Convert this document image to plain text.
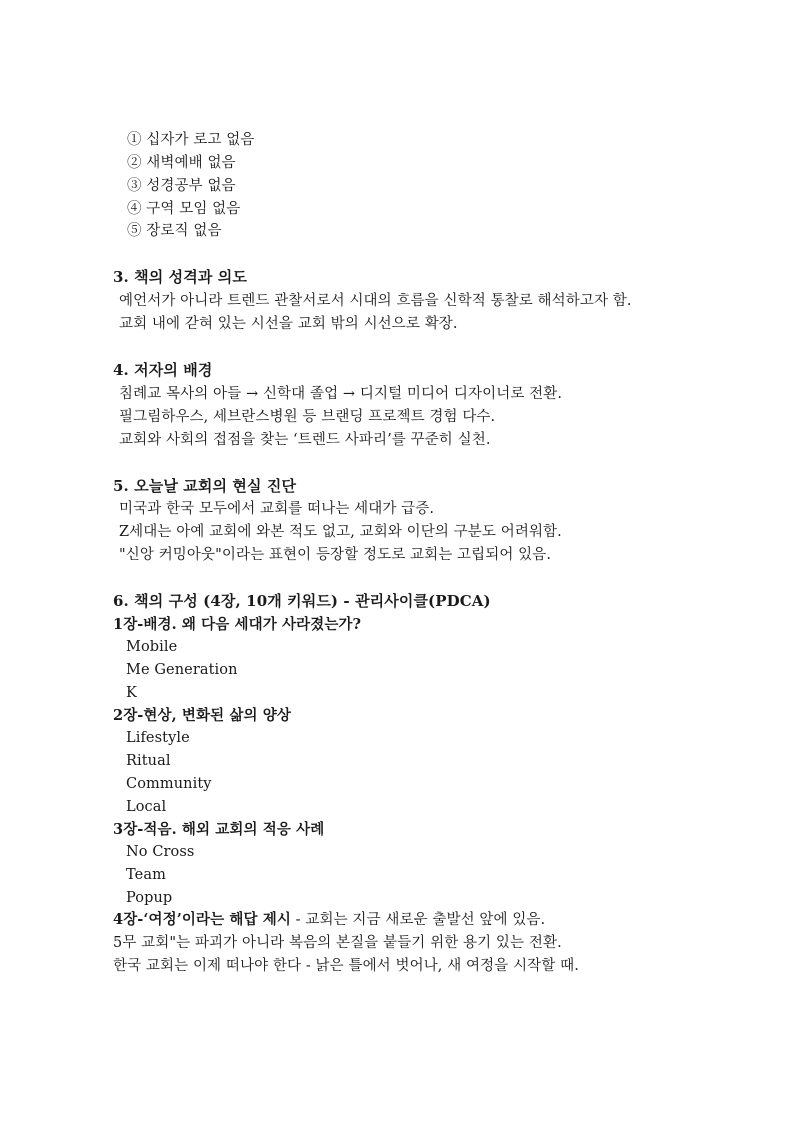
① 십자가 로고 없음
② 새벽예배 없음
③ 성경공부 없음
④ 구역 모임 없음
⑤ 장로직 없음
3. 책의 성격과 의도
예언서가 아니라 트렌드 관찰서로서 시대의 흐름을 신학적 통찰로 해석하고자 함.
교회 내에 갇혀 있는 시선을 교회 밖의 시선으로 확장.
4. 저자의 배경
침례교 목사의 아들 → 신학대 졸업 → 디지털 미디어 디자이너로 전환.
필그림하우스, 세브란스병원 등 브랜딩 프로젝트 경험 다수.
교회와 사회의 접점을 찾는 ‘트렌드 사파리’를 꾸준히 실천.
5. 오늘날 교회의 현실 진단
미국과 한국 모두에서 교회를 떠나는 세대가 급증.
Z세대는 아예 교회에 와본 적도 없고, 교회와 이단의 구분도 어려워함.
"신앙 커밍아웃"이라는 표현이 등장할 정도로 교회는 고립되어 있음.
6. 책의 구성 (4장, 10개 키워드) - 관리사이클(PDCA)
1장-배경. 왜 다음 세대가 사라졌는가?
Mobile
Me Generation
K
2장-현상, 변화된 삶의 양상
Lifestyle
Ritual
Community
Local
3장-적음. 해외 교회의 적응 사례
No Cross
Team
Popup
4장-‘여정’이라는 해답 제시 - 교회는 지금 새로운 출발선 앞에 있음.
5무 교회"는 파괴가 아니라 복음의 본질을 붙들기 위한 용기 있는 전환.
한국 교회는 이제 떠나야 한다 - 낡은 틀에서 벗어나, 새 여정을 시작할 때.
